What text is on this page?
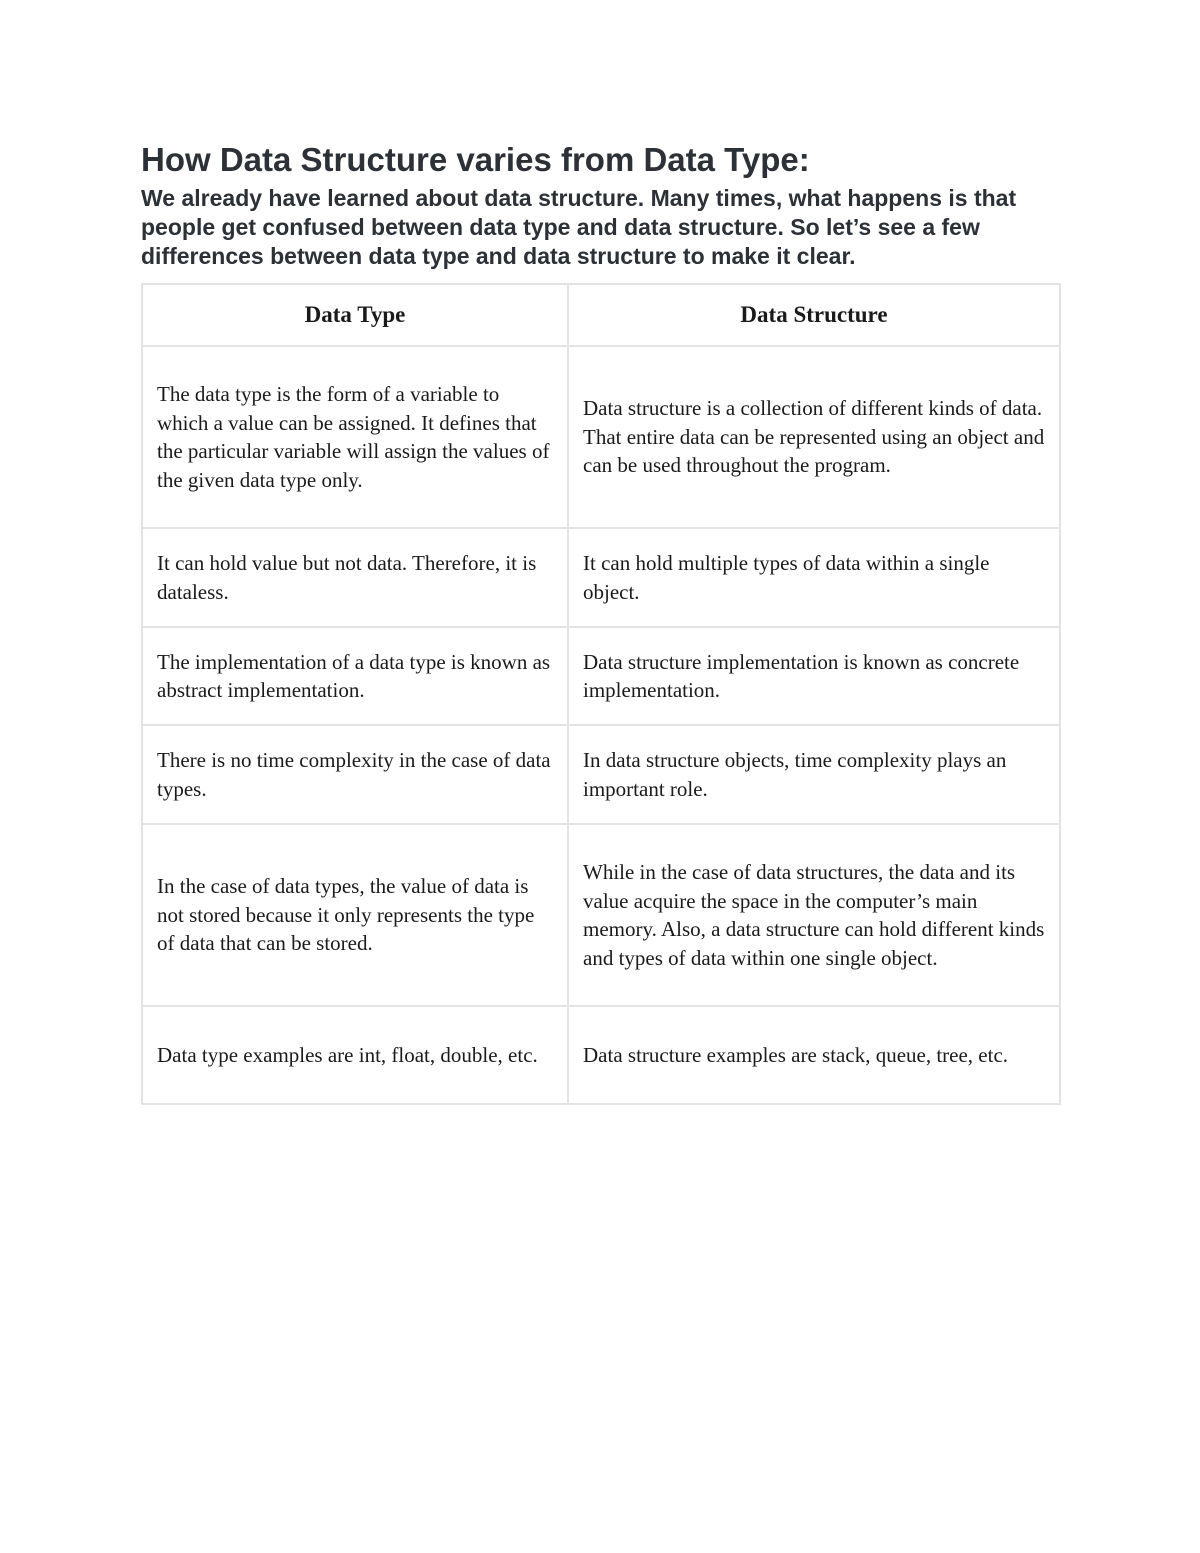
How Data Structure varies from Data Type:

We already have learned about data structure. Many times, what happens is that people get confused between data type and data structure. So let’s see a few differences between data type and data structure to make it clear.

Data Type	Data Structure
The data type is the form of a variable to which a value can be assigned. It defines that the particular variable will assign the values of the given data type only.	Data structure is a collection of different kinds of data. That entire data can be represented using an object and can be used throughout the program.
It can hold value but not data. Therefore, it is dataless.	It can hold multiple types of data within a single object.
The implementation of a data type is known as abstract implementation.	Data structure implementation is known as concrete implementation.
There is no time complexity in the case of data types.	In data structure objects, time complexity plays an important role.
In the case of data types, the value of data is not stored because it only represents the type of data that can be stored.	While in the case of data structures, the data and its value acquire the space in the computer’s main memory. Also, a data structure can hold different kinds and types of data within one single object.
Data type examples are int, float, double, etc.	Data structure examples are stack, queue, tree, etc.
